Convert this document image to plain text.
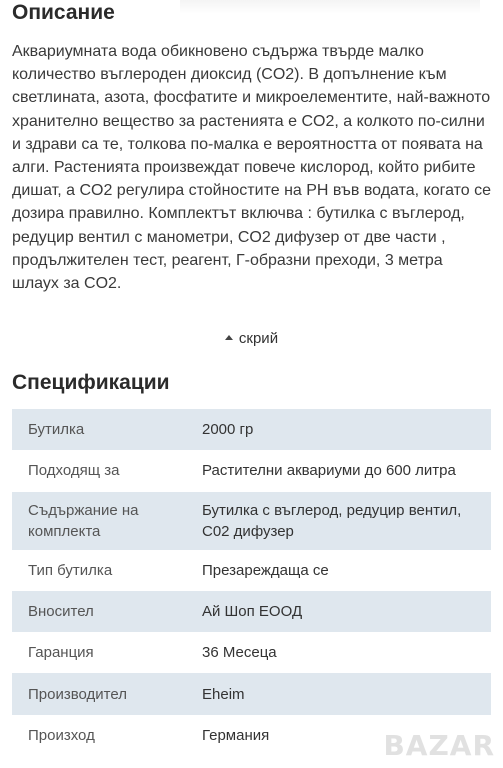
Описание

Аквариумната вода обикновено съдържа твърде малко количество въглероден диоксид (CO2). В допълнение към светлината, азота, фосфатите и микроелементите, най-важното хранително вещество за растенията е CO2, а колкото по-силни и здрави са те, толкова по-малка е вероятността от появата на алги. Растенията произвеждат повече кислород, който рибите дишат, а CO2 регулира стойностите на PH във водата, когато се дозира правилно. Комплектът включва : бутилка с въглерод, редуцир вентил с манометри, CO2 дифузер от две части , продължителен тест, реагент, Г-образни преходи, 3 метра шлаух за CO2.

скрий
Спецификации
Бутилка	2000 гр
Подходящ за	Растителни аквариуми до 600 литра
Съдържание на комплекта	Бутилка с въглерод, редуцир вентил, С02 дифузер
Тип бутилка	Презареждаща се
Вносител	Ай Шоп ЕООД
Гаранция	36 Месеца
Производител	Eheim
Произход	Германия	BAZAR
